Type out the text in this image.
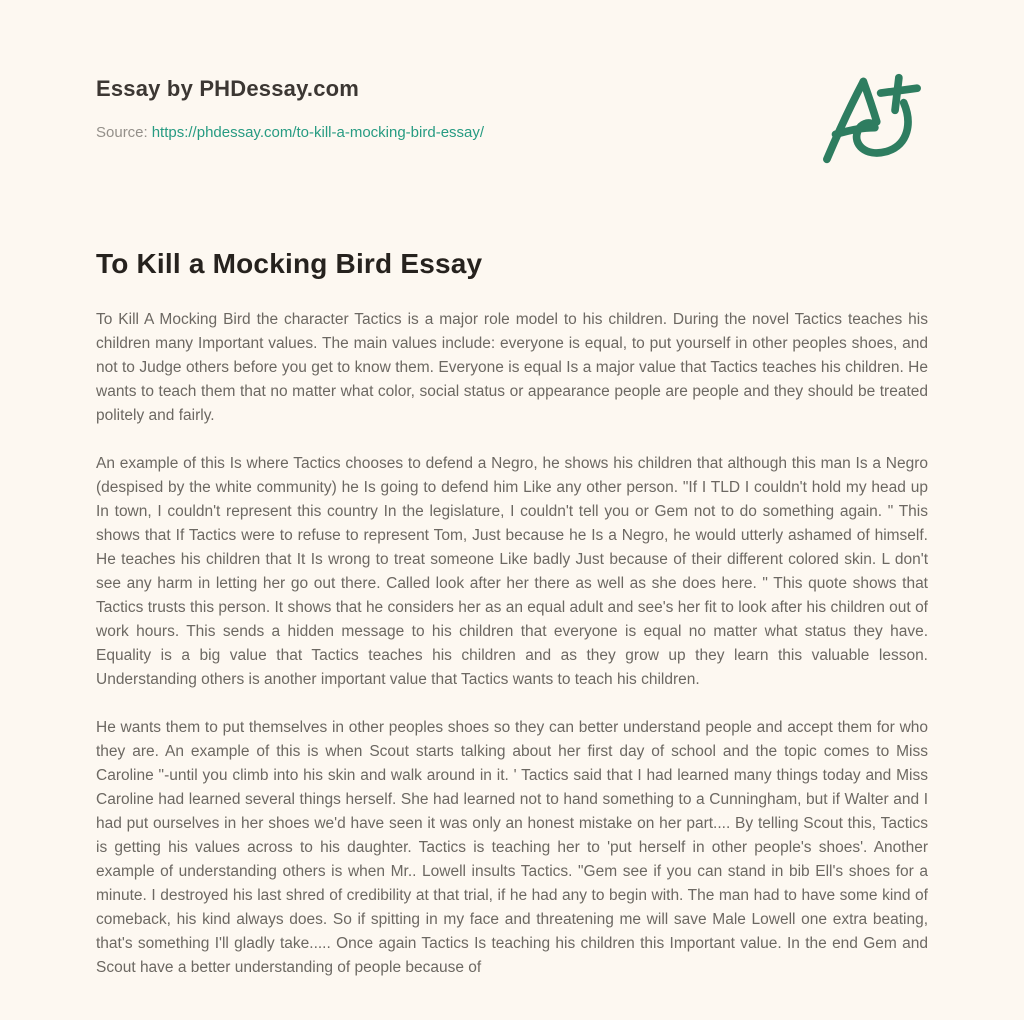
Essay by PHDessay.com
Source: https://phdessay.com/to-kill-a-mocking-bird-essay/
To Kill a Mocking Bird Essay

To Kill A Mocking Bird the character Tactics is a major role model to his children. During the novel Tactics teaches his children many Important values. The main values include: everyone is equal, to put yourself in other peoples shoes, and not to Judge others before you get to know them. Everyone is equal Is a major value that Tactics teaches his children. He wants to teach them that no matter what color, social status or appearance people are people and they should be treated politely and fairly.

An example of this Is where Tactics chooses to defend a Negro, he shows his children that although this man Is a Negro (despised by the white community) he Is going to defend him Like any other person. "If I TLD I couldn't hold my head up In town, I couldn't represent this country In the legislature, I couldn't tell you or Gem not to do something again. " This shows that If Tactics were to refuse to represent Tom, Just because he Is a Negro, he would utterly ashamed of himself. He teaches his children that It Is wrong to treat someone Like badly Just because of their different colored skin. L don't see any harm in letting her go out there. Called look after her there as well as she does here. " This quote shows that Tactics trusts this person. It shows that he considers her as an equal adult and see's her fit to look after his children out of work hours. This sends a hidden message to his children that everyone is equal no matter what status they have. Equality is a big value that Tactics teaches his children and as they grow up they learn this valuable lesson. Understanding others is another important value that Tactics wants to teach his children.

He wants them to put themselves in other peoples shoes so they can better understand people and accept them for who they are. An example of this is when Scout starts talking about her first day of school and the topic comes to Miss Caroline "-until you climb into his skin and walk around in it. ' Tactics said that I had learned many things today and Miss Caroline had learned several things herself. She had learned not to hand something to a Cunningham, but if Walter and I had put ourselves in her shoes we'd have seen it was only an honest mistake on her part.... By telling Scout this, Tactics is getting his values across to his daughter. Tactics is teaching her to 'put herself in other people's shoes'. Another example of understanding others is when Mr.. Lowell insults Tactics. "Gem see if you can stand in bib Ell's shoes for a minute. I destroyed his last shred of credibility at that trial, if he had any to begin with. The man had to have some kind of comeback, his kind always does. So if spitting in my face and threatening me will save Male Lowell one extra beating, that's something I'll gladly take..... Once again Tactics Is teaching his children this Important value. In the end Gem and Scout have a better understanding of people because of
